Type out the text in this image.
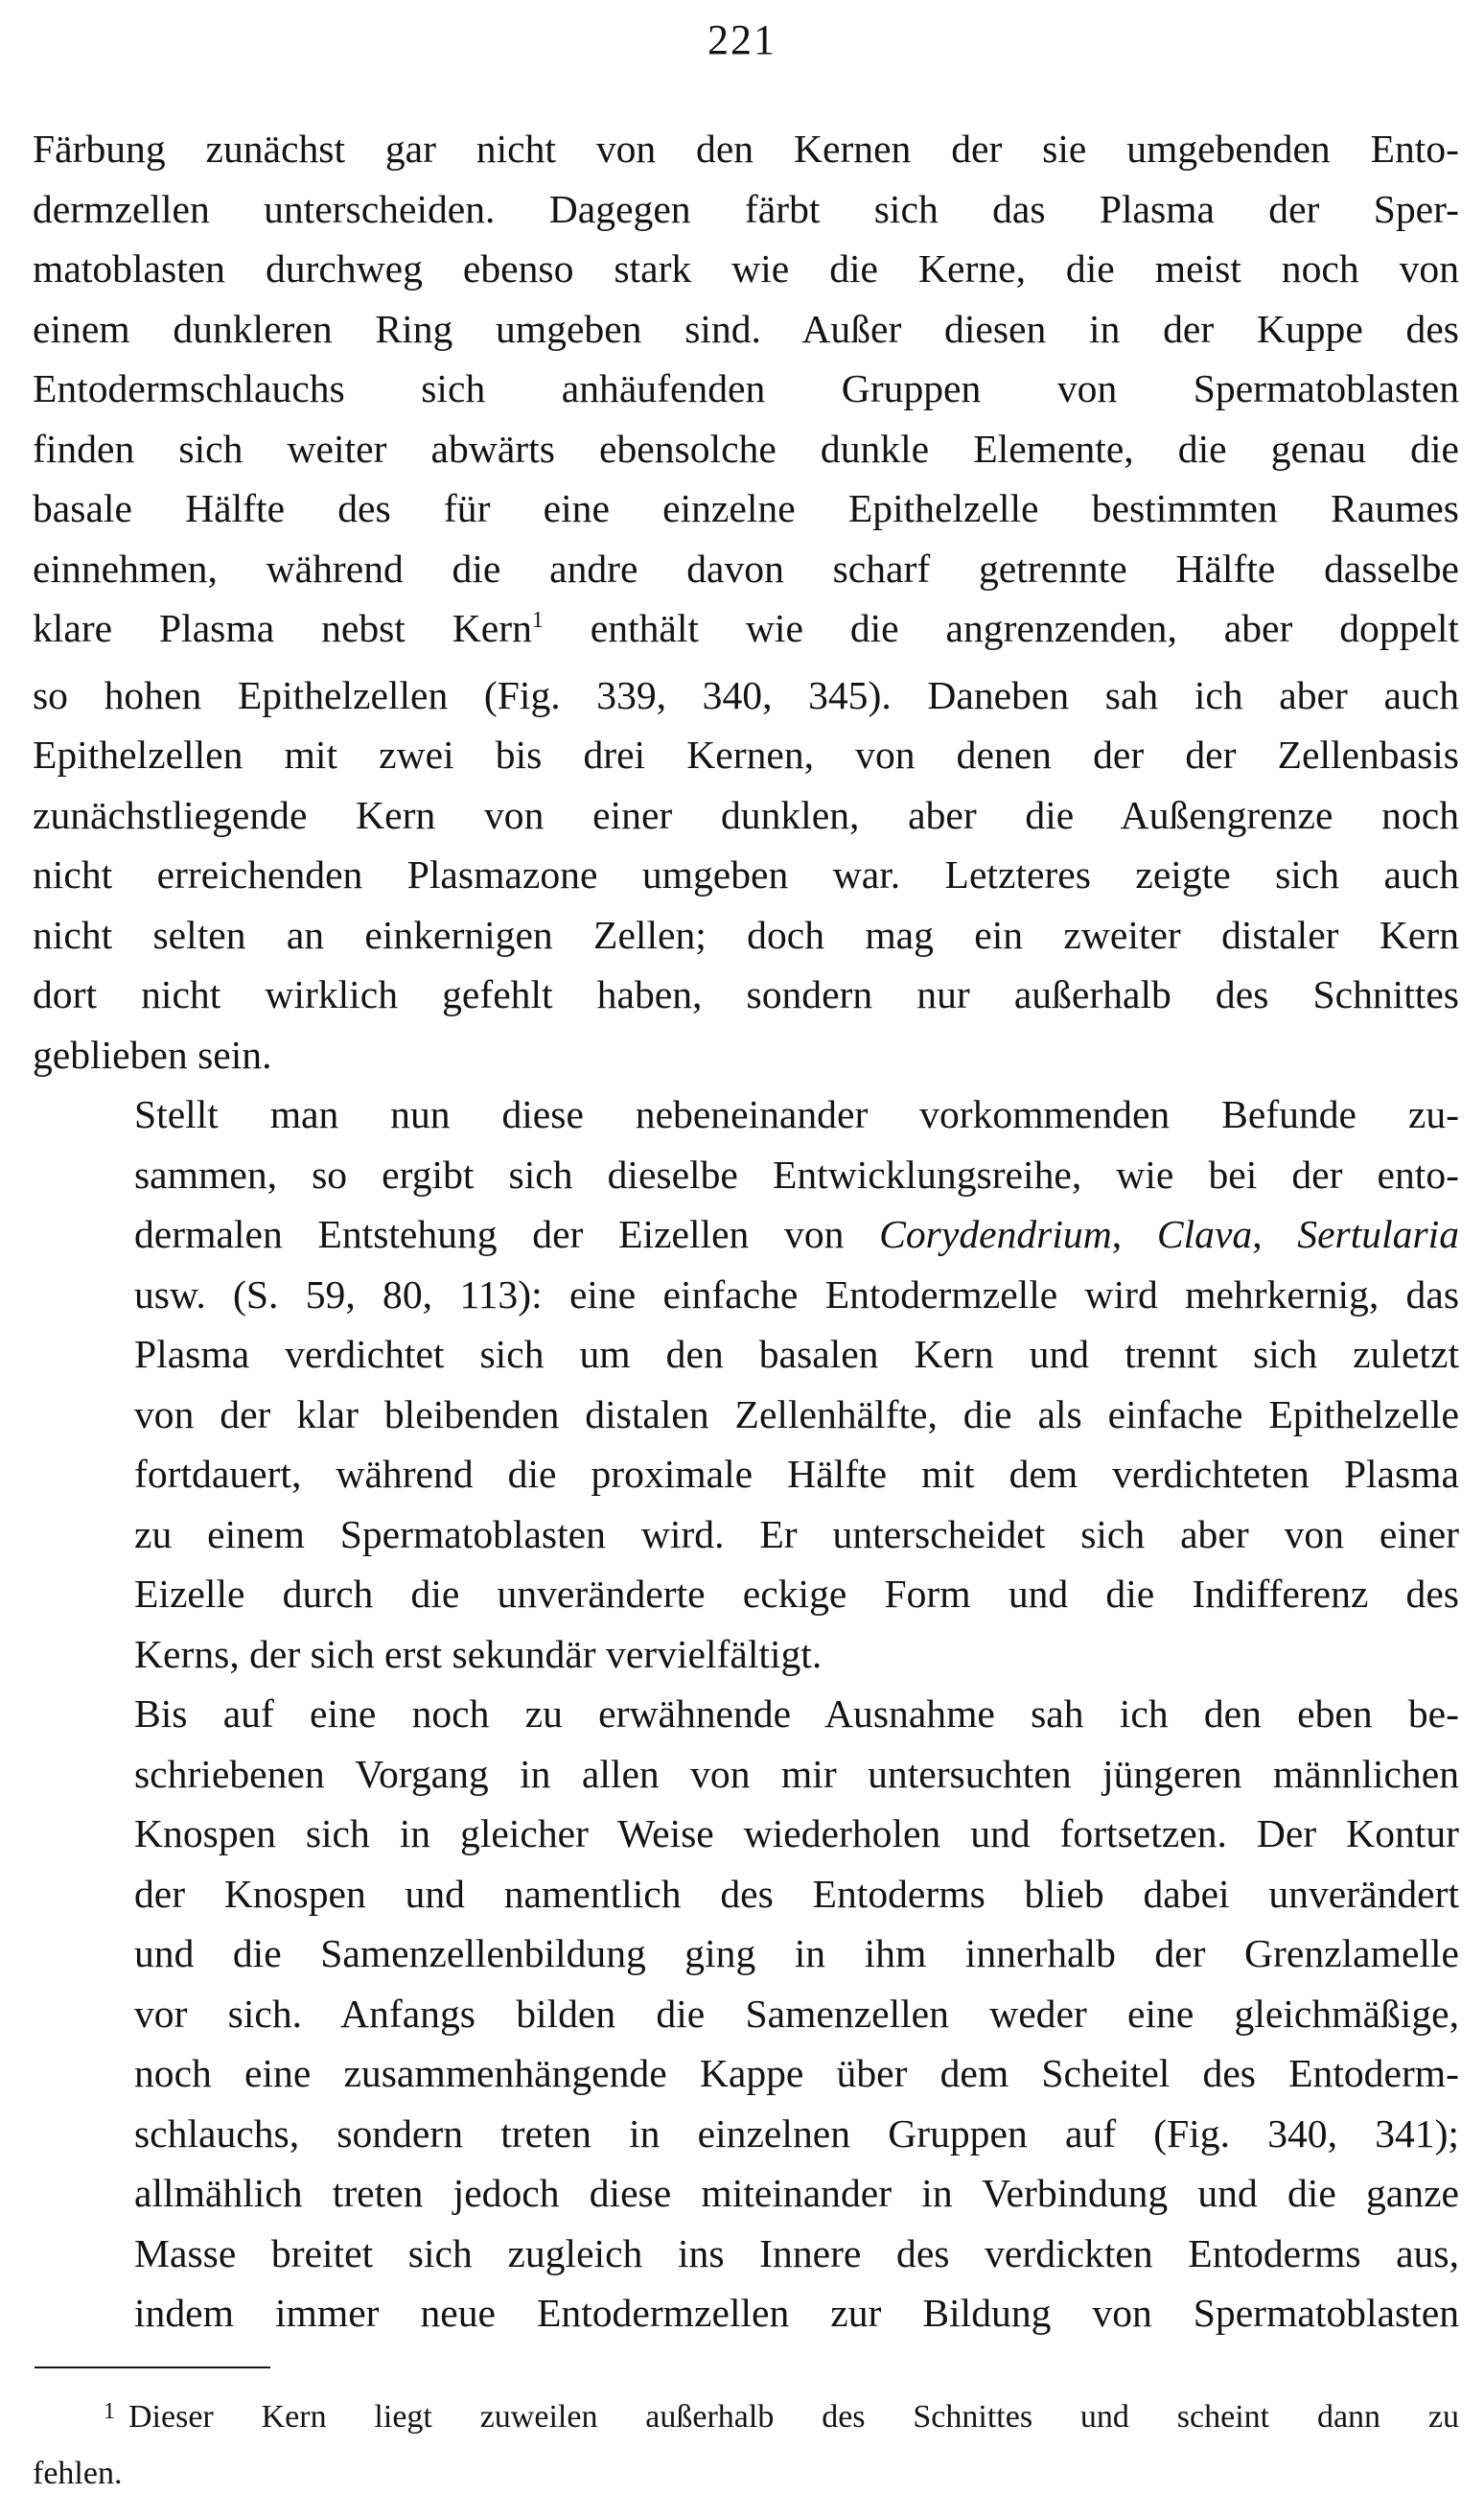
221

Färbung zunächst gar nicht von den Kernen der sie umgebenden Ento-
dermzellen unterscheiden. Dagegen färbt sich das Plasma der Sper-
matoblasten durchweg ebenso stark wie die Kerne, die meist noch von
einem dunkleren Ring umgeben sind. Außer diesen in der Kuppe des
Entodermschlauchs sich anhäufenden Gruppen von Spermatoblasten
finden sich weiter abwärts ebensolche dunkle Elemente, die genau die
basale Hälfte des für eine einzelne Epithelzelle bestimmten Raumes
einnehmen, während die andre davon scharf getrennte Hälfte dasselbe
klare Plasma nebst Kern$^1$ enthält wie die angrenzenden, aber doppelt
so hohen Epithelzellen (Fig. 339, 340, 345). Daneben sah ich aber auch
Epithelzellen mit zwei bis drei Kernen, von denen der der Zellenbasis
zunächstliegende Kern von einer dunklen, aber die Außengrenze noch
nicht erreichenden Plasmazone umgeben war. Letzteres zeigte sich auch
nicht selten an einkernigen Zellen; doch mag ein zweiter distaler Kern
dort nicht wirklich gefehlt haben, sondern nur außerhalb des Schnittes
geblieben sein.

Stellt man nun diese nebeneinander vorkommenden Befunde zu-
sammen, so ergibt sich dieselbe Entwicklungsreihe, wie bei der ento-
dermalen Entstehung der Eizellen von Corydendrium, Clava, Sertularia
usw. (S. 59, 80, 113): eine einfache Entodermzelle wird mehrkernig, das
Plasma verdichtet sich um den basalen Kern und trennt sich zuletzt
von der klar bleibenden distalen Zellenhälfte, die als einfache Epithelzelle
fortdauert, während die proximale Hälfte mit dem verdichteten Plasma
zu einem Spermatoblasten wird. Er unterscheidet sich aber von einer
Eizelle durch die unveränderte eckige Form und die Indifferenz des
Kerns, der sich erst sekundär vervielfältigt.

Bis auf eine noch zu erwähnende Ausnahme sah ich den eben be-
schriebenen Vorgang in allen von mir untersuchten jüngeren männlichen
Knospen sich in gleicher Weise wiederholen und fortsetzen. Der Kontur
der Knospen und namentlich des Entoderms blieb dabei unverändert
und die Samenzellenbildung ging in ihm innerhalb der Grenzlamelle
vor sich. Anfangs bilden die Samenzellen weder eine gleichmäßige,
noch eine zusammenhängende Kappe über dem Scheitel des Entoderm-
schlauchs, sondern treten in einzelnen Gruppen auf (Fig. 340, 341);
allmählich treten jedoch diese miteinander in Verbindung und die ganze
Masse breitet sich zugleich ins Innere des verdickten Entoderms aus,
indem immer neue Entodermzellen zur Bildung von Spermatoblasten

$^1$ Dieser Kern liegt zuweilen außerhalb des Schnittes und scheint dann zu
fehlen.
